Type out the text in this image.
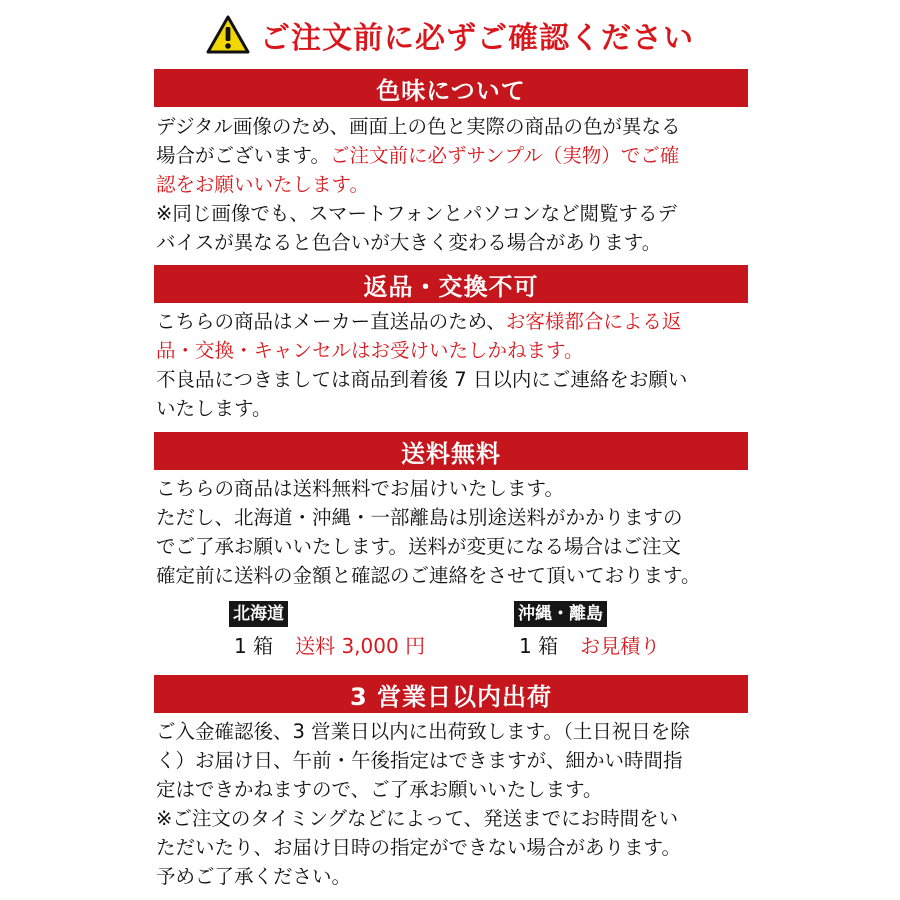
ご注文前に必ずご確認ください
色味について

デジタル画像のため、画面上の色と実際の商品の色が異なる
場合がございます。ご注文前に必ずサンプル（実物）でご確
認をお願いいたします。

※同じ画像でも、スマートフォンとパソコンなど閲覧するデ
バイスが異なると色合いが大きく変わる場合があります。

返品・交換不可

こちらの商品はメーカー直送品のため、お客様都合による返
品・交換・キャンセルはお受けいたしかねます。

不良品につきましては商品到着後 7 日以内にご連絡をお願い
いたします。

送料無料

こちらの商品は送料無料でお届けいたします。
ただし、北海道・沖縄・一部離島は別途送料がかかりますの
でご了承お願いいたします。送料が変更になる場合はご注文
確定前に送料の金額と確認のご連絡をさせて頂いております。

北海道
1 箱 送料 3,000 円
沖縄・離島
1 箱 お見積り
3 営業日以内出荷

ご入金確認後、3 営業日以内に出荷致します。（土日祝日を除
く）お届け日、午前・午後指定はできますが、細かい時間指
定はできかねますので、ご了承お願いいたします。

※ご注文のタイミングなどによって、発送までにお時間をい
ただいたり、お届け日時の指定ができない場合があります。
予めご了承ください。
